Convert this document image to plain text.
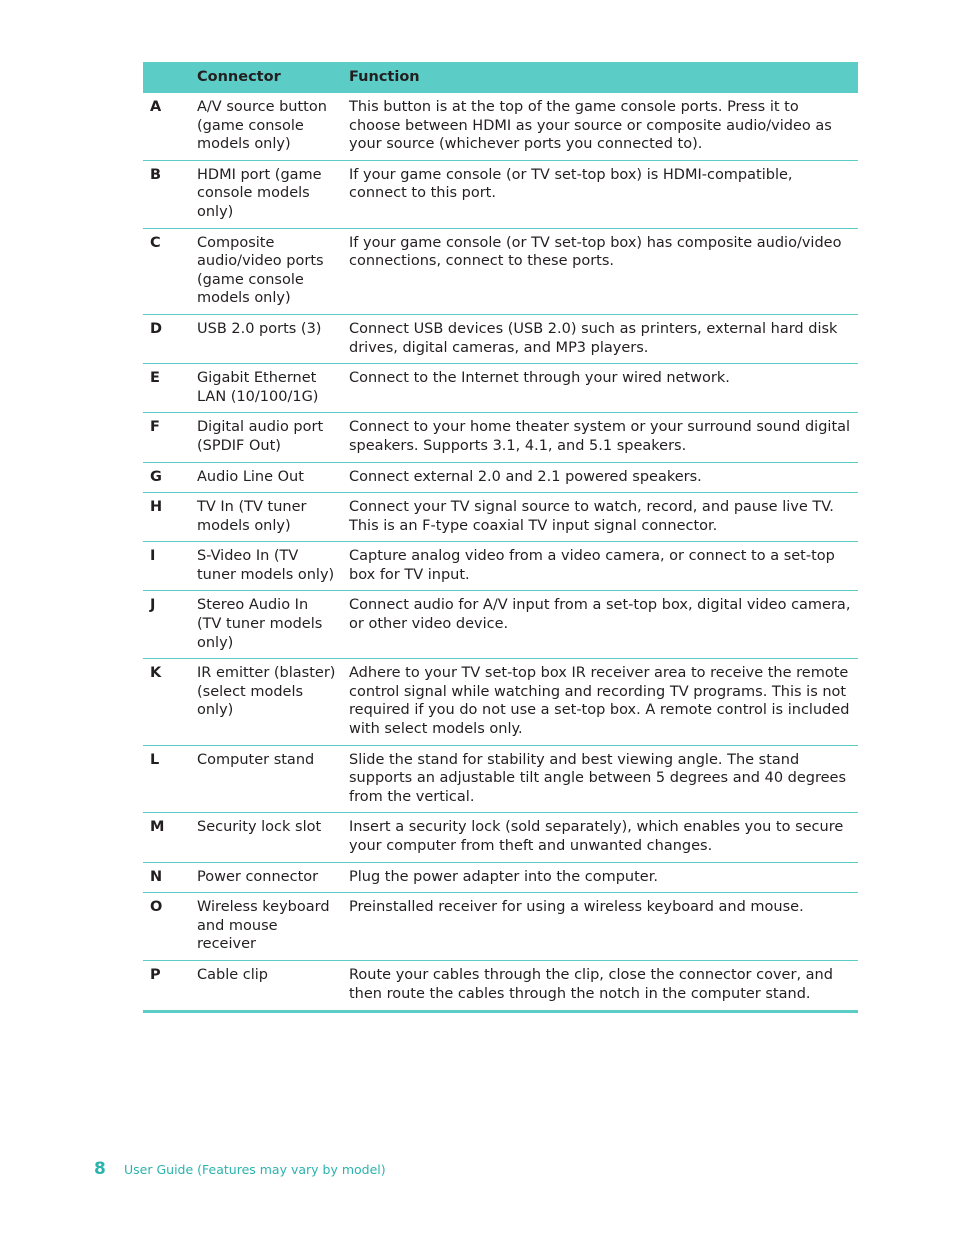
	Connector	Function
A	A/V source button (game console models only)	This button is at the top of the game console ports. Press it to choose between HDMI as your source or composite audio/video as your source (whichever ports you connected to).
B	HDMI port (game console models only)	If your game console (or TV set-top box) is HDMI-compatible, connect to this port.
C	Composite audio/video ports (game console models only)	If your game console (or TV set-top box) has composite audio/video connections, connect to these ports.
D	USB 2.0 ports (3)	Connect USB devices (USB 2.0) such as printers, external hard disk drives, digital cameras, and MP3 players.
E	Gigabit Ethernet LAN (10/100/1G)	Connect to the Internet through your wired network.
F	Digital audio port (SPDIF Out)	Connect to your home theater system or your surround sound digital speakers. Supports 3.1, 4.1, and 5.1 speakers.
G	Audio Line Out	Connect external 2.0 and 2.1 powered speakers.
H	TV In (TV tuner models only)	Connect your TV signal source to watch, record, and pause live TV. This is an F-type coaxial TV input signal connector.
I	S-Video In (TV tuner models only)	Capture analog video from a video camera, or connect to a set-top box for TV input.
J	Stereo Audio In (TV tuner models only)	Connect audio for A/V input from a set-top box, digital video camera, or other video device.
K	IR emitter (blaster) (select models only)	Adhere to your TV set-top box IR receiver area to receive the remote control signal while watching and recording TV programs. This is not required if you do not use a set-top box. A remote control is included with select models only.
L	Computer stand	Slide the stand for stability and best viewing angle. The stand supports an adjustable tilt angle between 5 degrees and 40 degrees from the vertical.
M	Security lock slot	Insert a security lock (sold separately), which enables you to secure your computer from theft and unwanted changes.
N	Power connector	Plug the power adapter into the computer.
O	Wireless keyboard and mouse receiver	Preinstalled receiver for using a wireless keyboard and mouse.
P	Cable clip	Route your cables through the clip, close the connector cover, and then route the cables through the notch in the computer stand.
8	User Guide (Features may vary by model)
